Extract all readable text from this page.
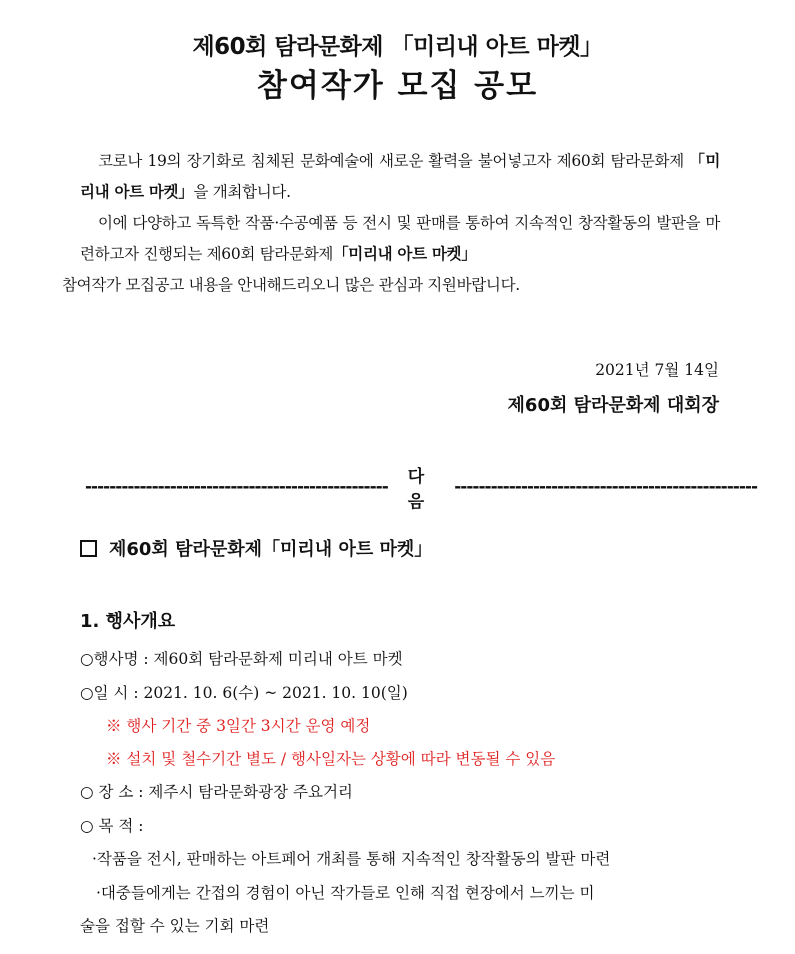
제60회 탐라문화제 「미리내 아트 마켓」
참여작가 모집 공모

코로나 19의 장기화로 침체된 문화예술에 새로운 활력을 불어넣고자 제60회 탐라문화제 「미리내 아트 마켓」을 개최합니다.

이에 다양하고 독특한 작품·수공예품 등 전시 및 판매를 통하여 지속적인 창작활동의 발판을 마련하고자 진행되는 제60회 탐라문화제「미리내 아트 마켓」
참여작가 모집공고 내용을 안내해드리오니 많은 관심과 지원바랍니다.

2021년 7월 14일
제60회 탐라문화제 대회장
--------------------------------------------------	다음
--------------------------------------------------
제60회 탐라문화제「미리내 아트 마켓」
1. 행사개요
○행사명 : 제60회 탐라문화제 미리내 아트 마켓
○일 시 : 2021. 10. 6(수) ~ 2021. 10. 10(일)
※ 행사 기간 중 3일간 3시간 운영 예정
※ 설치 및 철수기간 별도 / 행사일자는 상황에 따라 변동될 수 있음
○ 장 소 : 제주시 탐라문화광장 주요거리
○ 목 적 :
·작품을 전시, 판매하는 아트페어 개최를 통해 지속적인 창작활동의 발판 마련
·대중들에게는 간접의 경험이 아닌 작가들로 인해 직접 현장에서 느끼는 미
술을 접할 수 있는 기회 마련
